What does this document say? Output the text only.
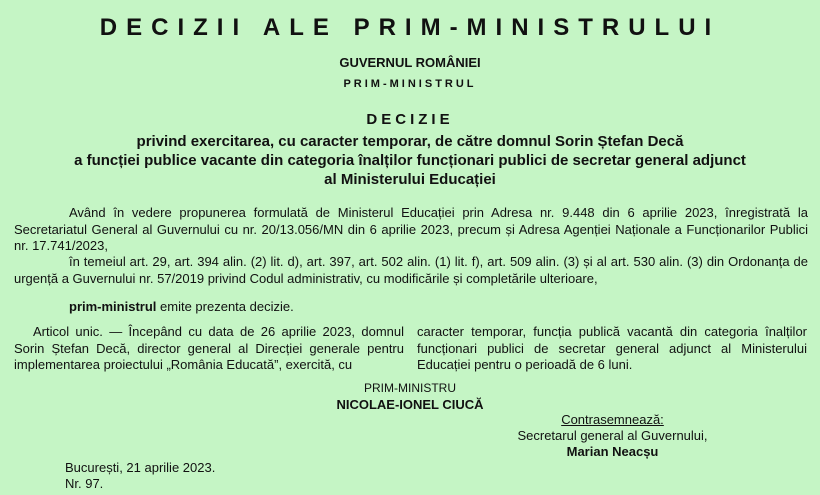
DECIZII ALE PRIM-MINISTRULUI
GUVERNUL ROMÂNIEI
PRIM-MINISTRUL
DECIZIE
privind exercitarea, cu caracter temporar, de către domnul Sorin Ștefan Decă
a funcției publice vacante din categoria înalților funcționari publici de secretar general adjunct
al Ministerului Educației
Având în vedere propunerea formulată de Ministerul Educației prin Adresa nr. 9.448 din 6 aprilie 2023, înregistrată la Secretariatul General al Guvernului cu nr. 20/13.056/MN din 6 aprilie 2023, precum și Adresa Agenției Naționale a Funcționarilor Publici nr. 17.741/2023,
în temeiul art. 29, art. 394 alin. (2) lit. d), art. 397, art. 502 alin. (1) lit. f), art. 509 alin. (3) și al art. 530 alin. (3) din Ordonanța de urgență a Guvernului nr. 57/2019 privind Codul administrativ, cu modificările și completările ulterioare,
prim-ministrul emite prezenta decizie.
Articol unic. — Începând cu data de 26 aprilie 2023, domnul Sorin Ștefan Decă, director general al Direcției generale pentru implementarea proiectului „România Educată”, exercită, cu
caracter temporar, funcția publică vacantă din categoria înalților funcționari publici de secretar general adjunct al Ministerului Educației pentru o perioadă de 6 luni.
PRIM-MINISTRU
NICOLAE-IONEL CIUCĂ
Contrasemnează:
Secretarul general al Guvernului,
Marian Neacșu
București, 21 aprilie 2023.
Nr. 97.
